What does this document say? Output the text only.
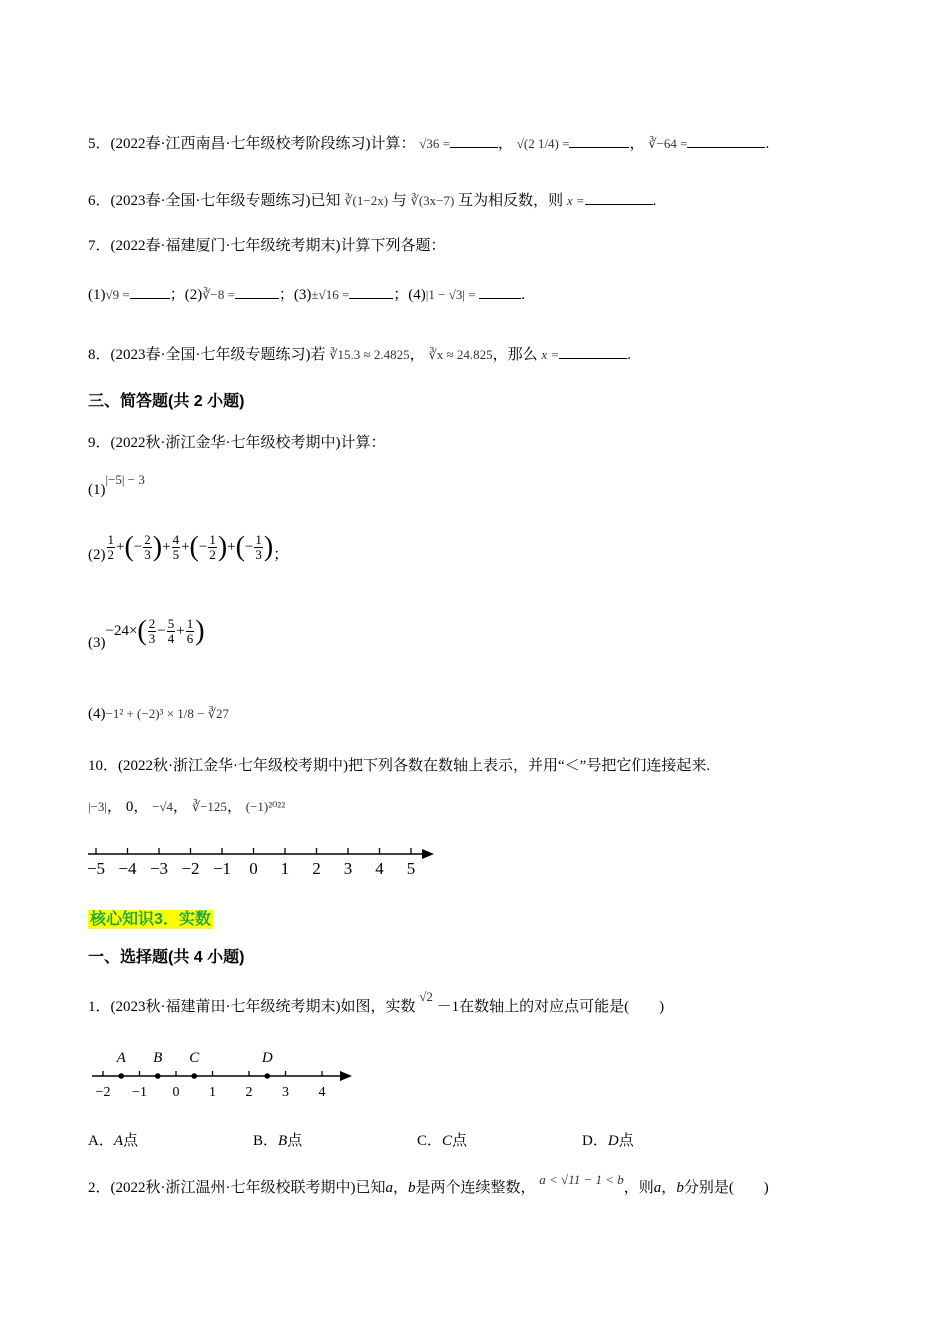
5．(2022春·江西南昌·七年级校考阶段练习)计算： √36 =	， √(2 1/4) =	， ∛−64 =	.
6．(2023春·全国·七年级专题练习)已知 ∛(1−2x) 与 ∛(3x−7) 互为相反数，则 x =	.
7．(2022春·福建厦门·七年级统考期末)计算下列各题：
(1)√9 =	；(2)∛−8 =	；(3)±√16 =	；(4)|1 − √3| =	.
8．(2023春·全国·七年级专题练习)若 ∛15.3 ≈ 2.4825， ∛x ≈ 24.825，那么 x =	.
三、简答题(共 2 小题)
9．(2022秋·浙江金华·七年级校考期中)计算：
(1)|−5| − 3
$(2) \frac{1}{2}$ +(− $\frac{2}{3}$ )+ $\frac{4}{5}$ +(− $\frac{1}{2}$ )+(− $\frac{1}{3}$ )；
$(3)-24\times( \frac{2}{3} - \frac{5}{4} + \frac{1}{6}$ )
(4)−1² + (−2)³ × 1/8 − ∛27
10．(2022秋·浙江金华·七年级校考期中)把下列各数在数轴上表示，并用“＜”号把它们连接起来.
|−3|， 0， −√4， ∛−125， (−1)²⁰²²
−5 −4 −3 −2 −1 0 1 2 3 4 5
核心知识3．实数
一、选择题(共 4 小题)
1．(2023秋·福建莆田·七年级统考期末)如图，实数 √2 －1在数轴上的对应点可能是(　　)
−2 −1 0 1 2 3 4
A B C	D
A．A点	B．B点	C．C点	D．D点
2．(2022秋·浙江温州·七年级校联考期中)已知a，b是两个连续整数， a < √11 − 1 < b，则a，b分别是(　　)
